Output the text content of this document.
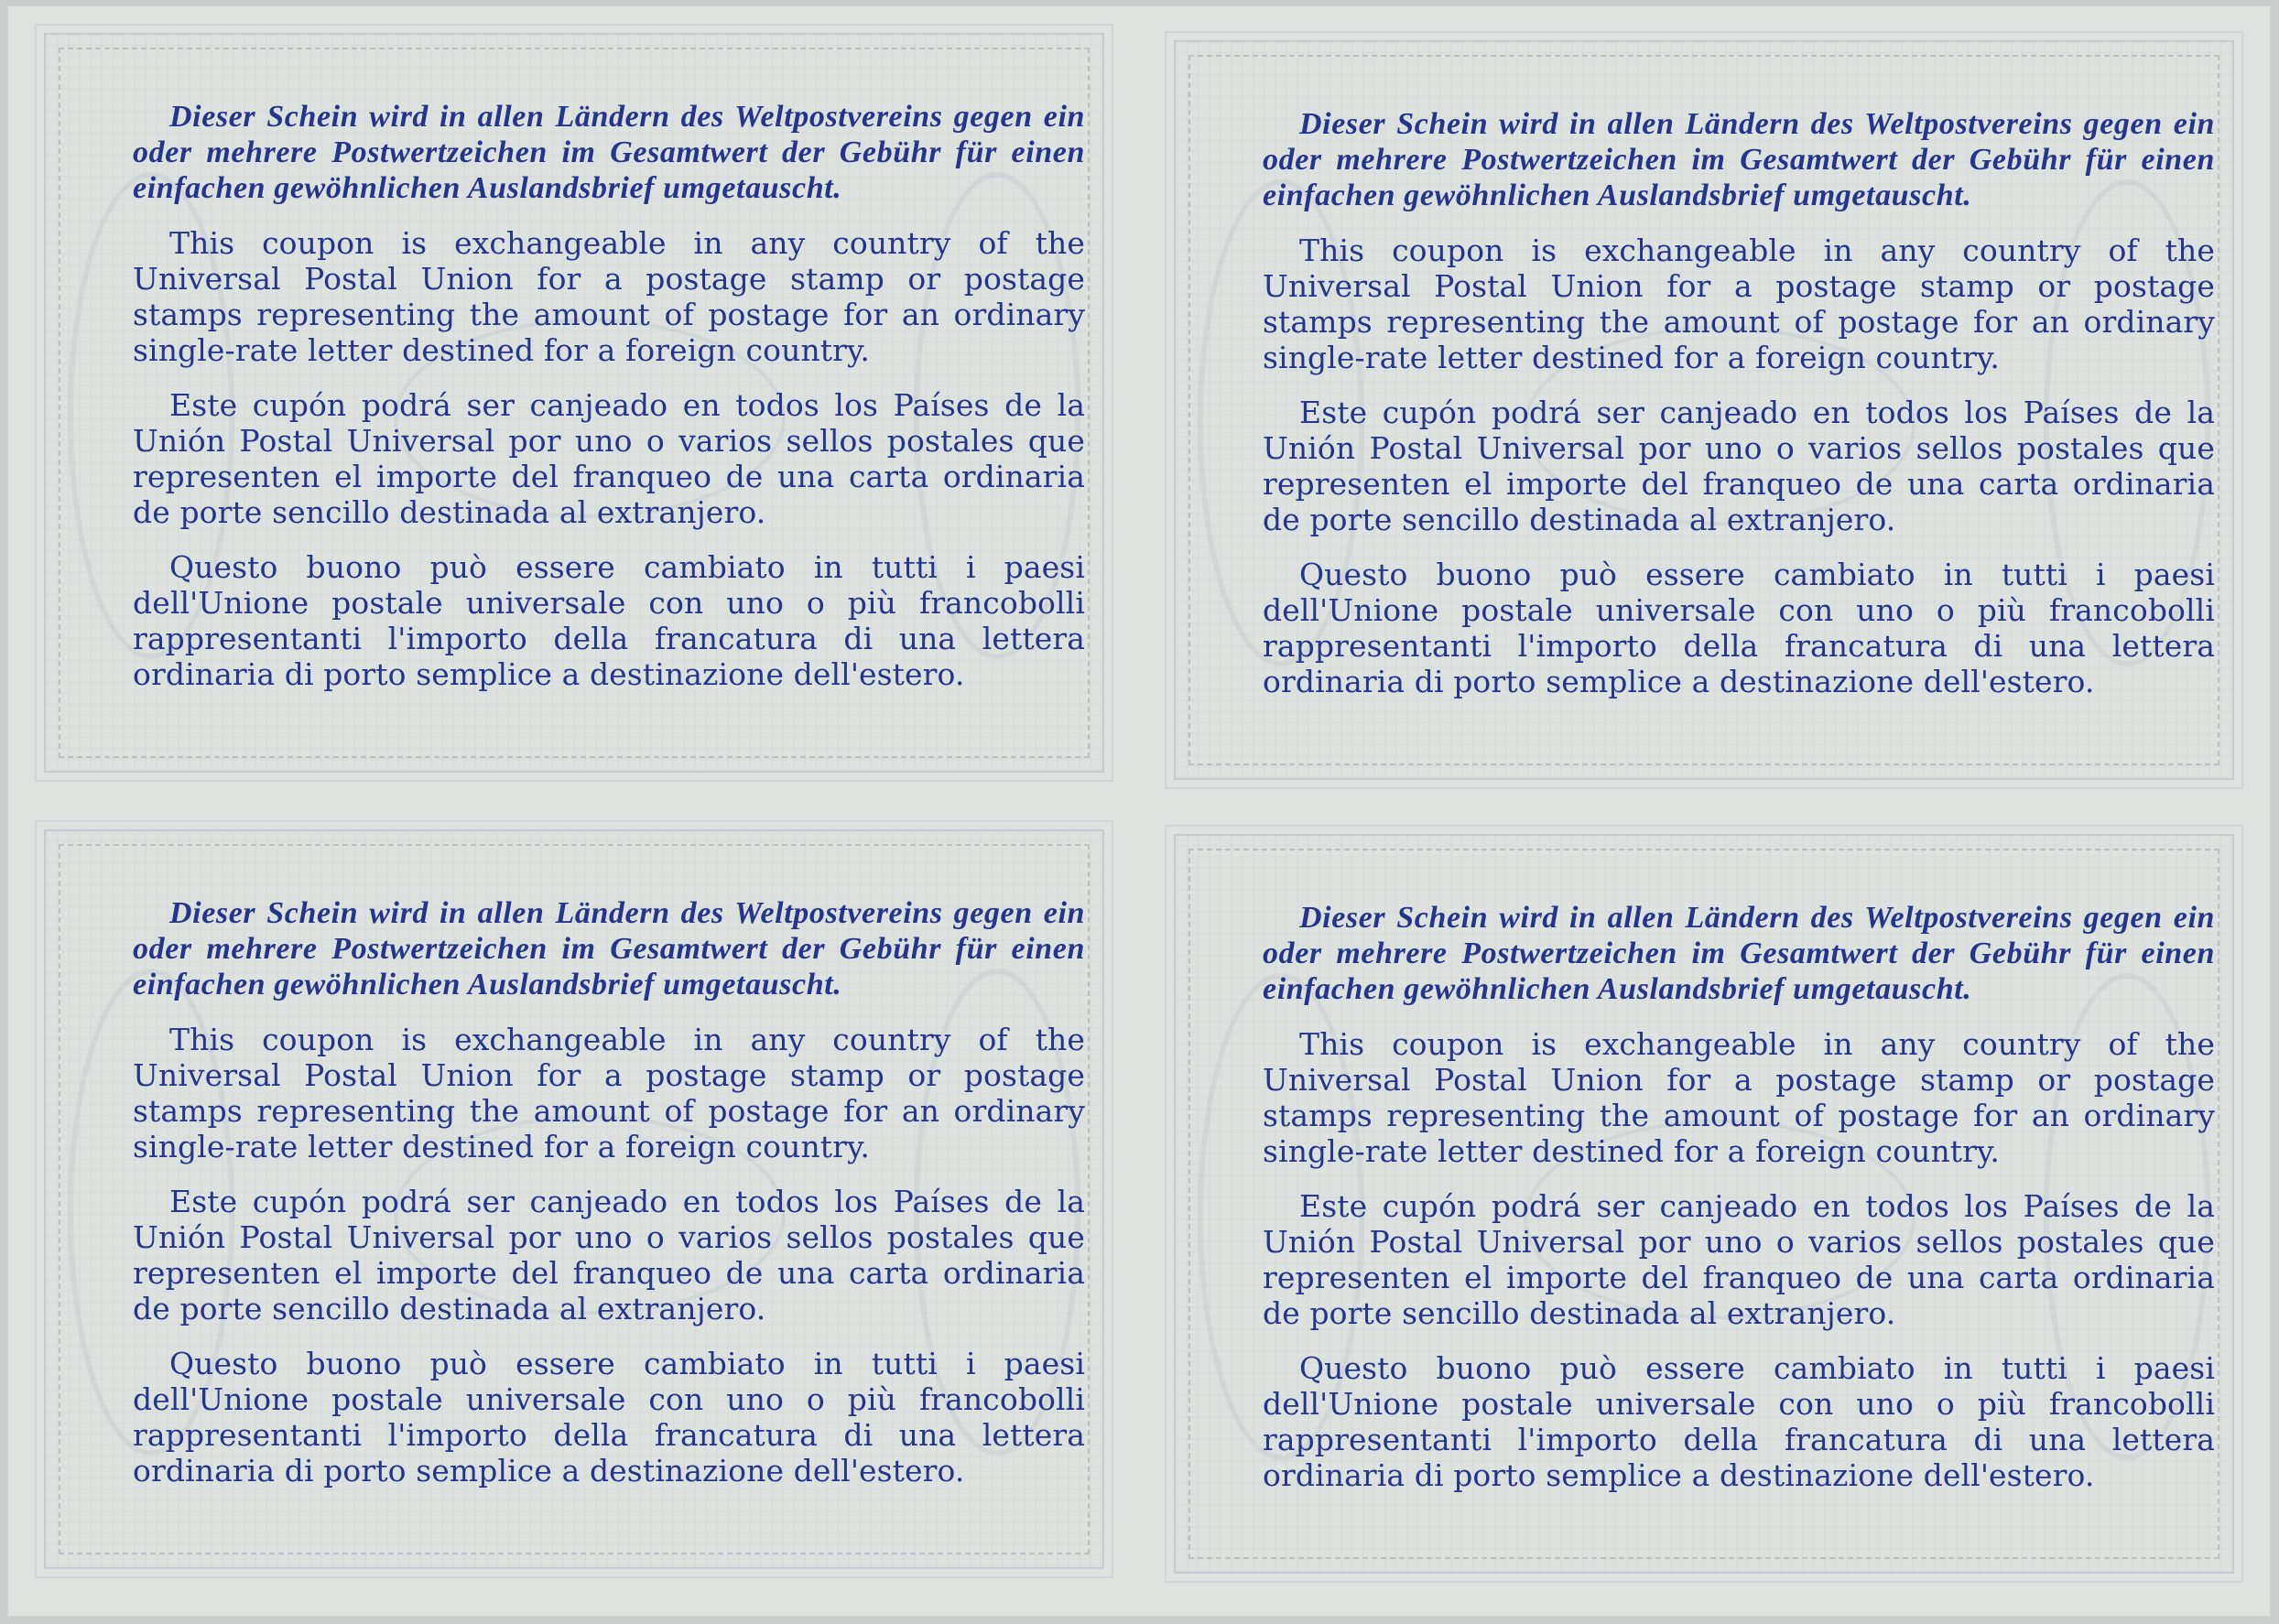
Dieser Schein wird in allen Ländern des Weltpostvereins gegen ein oder mehrere Postwertzeichen im Gesamtwert der Gebühr für einen einfachen gewöhnlichen Auslandsbrief umgetauscht.

This coupon is exchangeable in any country of the Universal Postal Union for a postage stamp or postage stamps representing the amount of postage for an ordinary single-rate letter destined for a foreign country.

Este cupón podrá ser canjeado en todos los Países de la Unión Postal Universal por uno o varios sellos postales que representen el importe del franqueo de una carta ordinaria de porte sencillo destinada al extranjero.

Questo buono può essere cambiato in tutti i paesi dell'Unione postale universale con uno o più francobolli rappresentanti l'importo della francatura di una lettera ordinaria di porto semplice a destinazione dell'estero.

Dieser Schein wird in allen Ländern des Weltpostvereins gegen ein oder mehrere Postwertzeichen im Gesamtwert der Gebühr für einen einfachen gewöhnlichen Auslandsbrief umgetauscht.

This coupon is exchangeable in any country of the Universal Postal Union for a postage stamp or postage stamps representing the amount of postage for an ordinary single-rate letter destined for a foreign country.

Este cupón podrá ser canjeado en todos los Países de la Unión Postal Universal por uno o varios sellos postales que representen el importe del franqueo de una carta ordinaria de porte sencillo destinada al extranjero.

Questo buono può essere cambiato in tutti i paesi dell'Unione postale universale con uno o più francobolli rappresentanti l'importo della francatura di una lettera ordinaria di porto semplice a destinazione dell'estero.

Dieser Schein wird in allen Ländern des Weltpostvereins gegen ein oder mehrere Postwertzeichen im Gesamtwert der Gebühr für einen einfachen gewöhnlichen Auslandsbrief umgetauscht.

This coupon is exchangeable in any country of the Universal Postal Union for a postage stamp or postage stamps representing the amount of postage for an ordinary single-rate letter destined for a foreign country.

Este cupón podrá ser canjeado en todos los Países de la Unión Postal Universal por uno o varios sellos postales que representen el importe del franqueo de una carta ordinaria de porte sencillo destinada al extranjero.

Questo buono può essere cambiato in tutti i paesi dell'Unione postale universale con uno o più francobolli rappresentanti l'importo della francatura di una lettera ordinaria di porto semplice a destinazione dell'estero.

Dieser Schein wird in allen Ländern des Weltpostvereins gegen ein oder mehrere Postwertzeichen im Gesamtwert der Gebühr für einen einfachen gewöhnlichen Auslandsbrief umgetauscht.

This coupon is exchangeable in any country of the Universal Postal Union for a postage stamp or postage stamps representing the amount of postage for an ordinary single-rate letter destined for a foreign country.

Este cupón podrá ser canjeado en todos los Países de la Unión Postal Universal por uno o varios sellos postales que representen el importe del franqueo de una carta ordinaria de porte sencillo destinada al extranjero.

Questo buono può essere cambiato in tutti i paesi dell'Unione postale universale con uno o più francobolli rappresentanti l'importo della francatura di una lettera ordinaria di porto semplice a destinazione dell'estero.
